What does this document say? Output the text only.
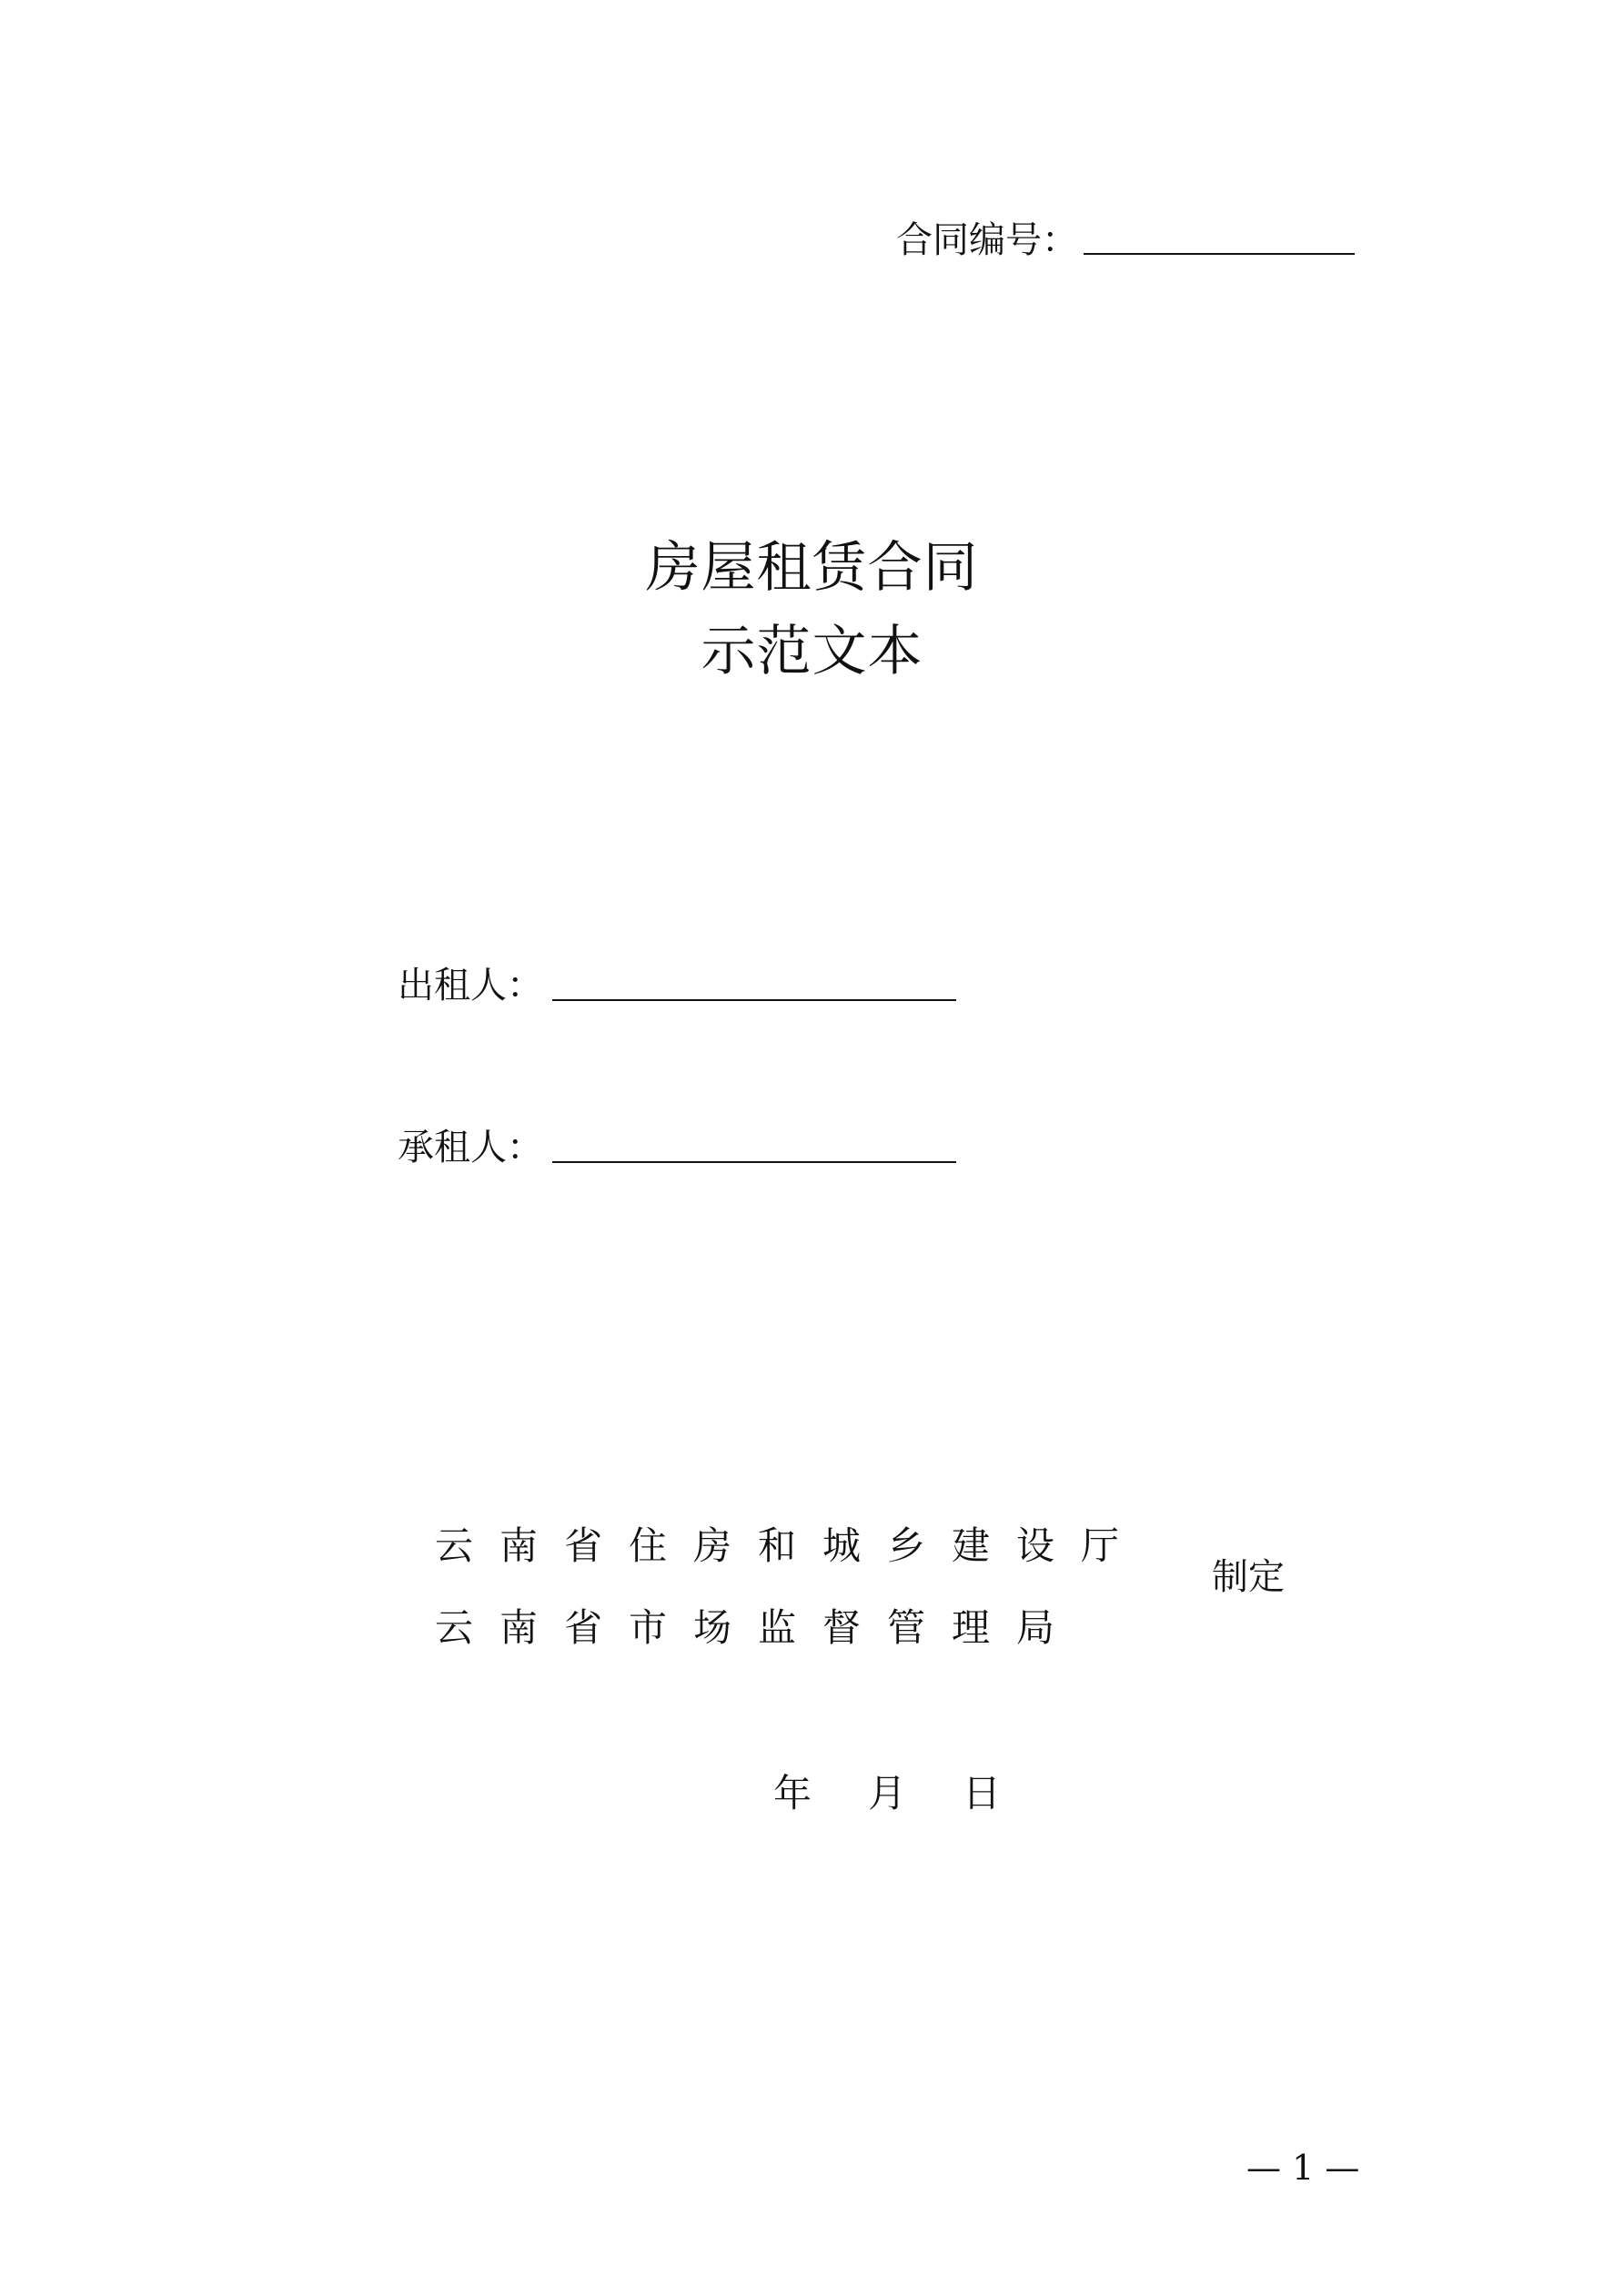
合同编号：
房屋租赁合同
示范文本
出租人：
承租人：
云南省住房和城乡建设厅
云南省市场监督管理局
制定
年 月 日
— 1 —
